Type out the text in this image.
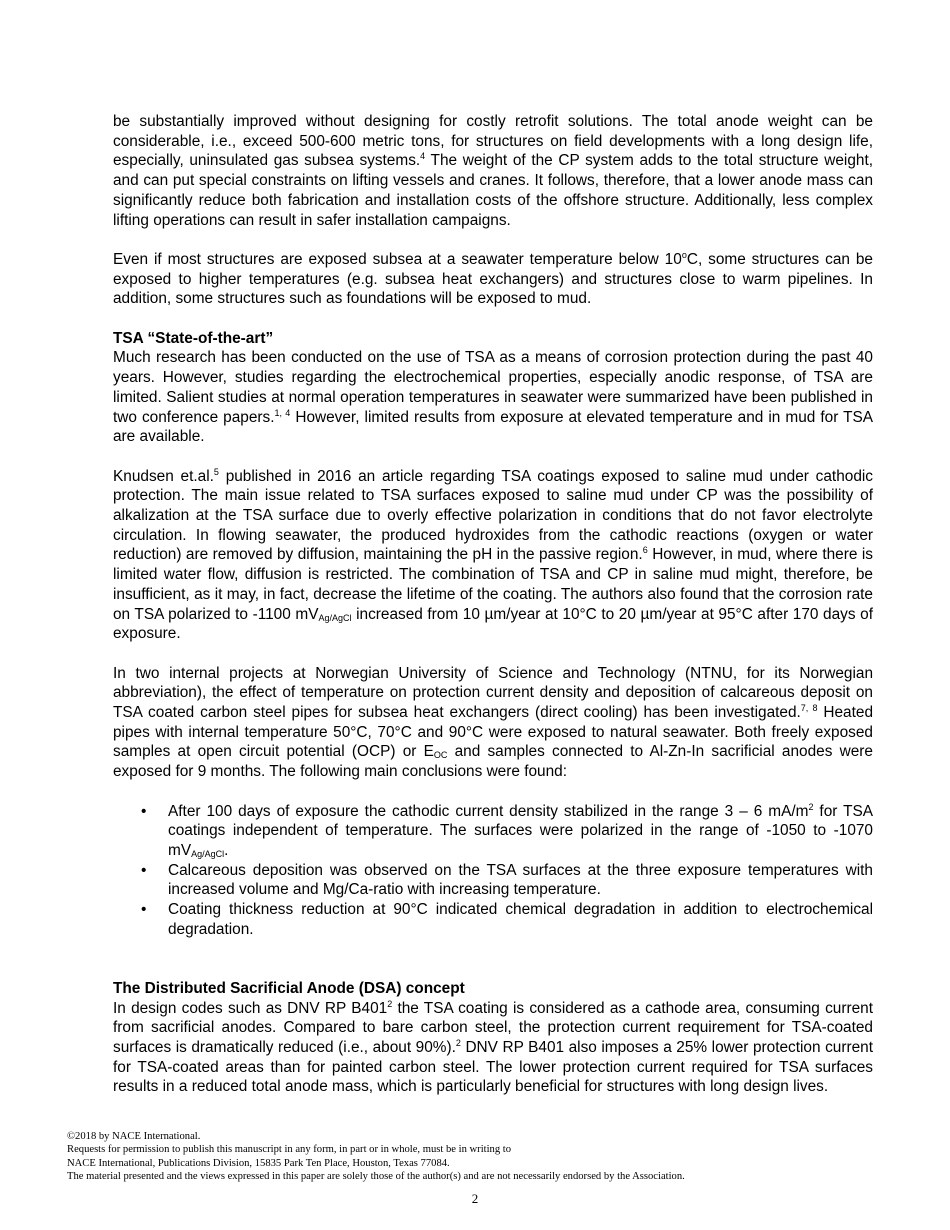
be substantially improved without designing for costly retrofit solutions. The total anode weight can be considerable, i.e., exceed 500-600 metric tons, for structures on field developments with a long design life, especially, uninsulated gas subsea systems.$^4$ The weight of the CP system adds to the total structure weight, and can put special constraints on lifting vessels and cranes. It follows, therefore, that a lower anode mass can significantly reduce both fabrication and installation costs of the offshore structure. Additionally, less complex lifting operations can result in safer installation campaigns.

Even if most structures are exposed subsea at a seawater temperature below 10$^o$C, some structures can be exposed to higher temperatures (e.g. subsea heat exchangers) and structures close to warm pipelines. In addition, some structures such as foundations will be exposed to mud.

TSA “State-of-the-art”

Much research has been conducted on the use of TSA as a means of corrosion protection during the past 40 years. However, studies regarding the electrochemical properties, especially anodic response, of TSA are limited. Salient studies at normal operation temperatures in seawater were summarized have been published in two conference papers.$^{1, 4}$ However, limited results from exposure at elevated temperature and in mud for TSA are available.

Knudsen et.al.$^5$ published in 2016 an article regarding TSA coatings exposed to saline mud under cathodic protection. The main issue related to TSA surfaces exposed to saline mud under CP was the possibility of alkalization at the TSA surface due to overly effective polarization in conditions that do not favor electrolyte circulation. In flowing seawater, the produced hydroxides from the cathodic reactions (oxygen or water reduction) are removed by diffusion, maintaining the pH in the passive region.$^6$ However, in mud, where there is limited water flow, diffusion is restricted. The combination of TSA and CP in saline mud might, therefore, be insufficient, as it may, in fact, decrease the lifetime of the coating. The authors also found that the corrosion rate on TSA polarized to -1100 $mV_{Ag/AgCl}$ increased from 10 µm/year at 10°C to 20 µm/year at 95°C after 170 days of exposure.

In two internal projects at Norwegian University of Science and Technology (NTNU, for its Norwegian abbreviation), the effect of temperature on protection current density and deposition of calcareous deposit on TSA coated carbon steel pipes for subsea heat exchangers (direct cooling) has been investigated.$^{7, 8}$ Heated pipes with internal temperature 50°C, 70°C and 90°C were exposed to natural seawater. Both freely exposed samples at open circuit potential (OCP) or $E_{OC}$ and samples connected to Al-Zn-In sacrificial anodes were exposed for 9 months. The following main conclusions were found:

• After 100 days of exposure the cathodic current density stabilized in the range 3 – 6 $mA/m^2$ for TSA coatings independent of temperature. The surfaces were polarized in the range of -1050 to -1070 $mV_{Ag/AgCl}$.
• Calcareous deposition was observed on the TSA surfaces at the three exposure temperatures with increased volume and Mg/Ca-ratio with increasing temperature.
• Coating thickness reduction at 90°C indicated chemical degradation in addition to electrochemical degradation.
The Distributed Sacrificial Anode (DSA) concept

In design codes such as DNV RP $B401^2$ the TSA coating is considered as a cathode area, consuming current from sacrificial anodes. Compared to bare carbon steel, the protection current requirement for TSA-coated surfaces is dramatically reduced (i.e., about 90%).$^2$ DNV RP B401 also imposes a 25% lower protection current for TSA-coated areas than for painted carbon steel. The lower protection current required for TSA surfaces results in a reduced total anode mass, which is particularly beneficial for structures with long design lives.

©2018 by NACE International.
Requests for permission to publish this manuscript in any form, in part or in whole, must be in writing to
NACE International, Publications Division, 15835 Park Ten Place, Houston, Texas 77084.
The material presented and the views expressed in this paper are solely those of the author(s) and are not necessarily endorsed by the Association.
2
